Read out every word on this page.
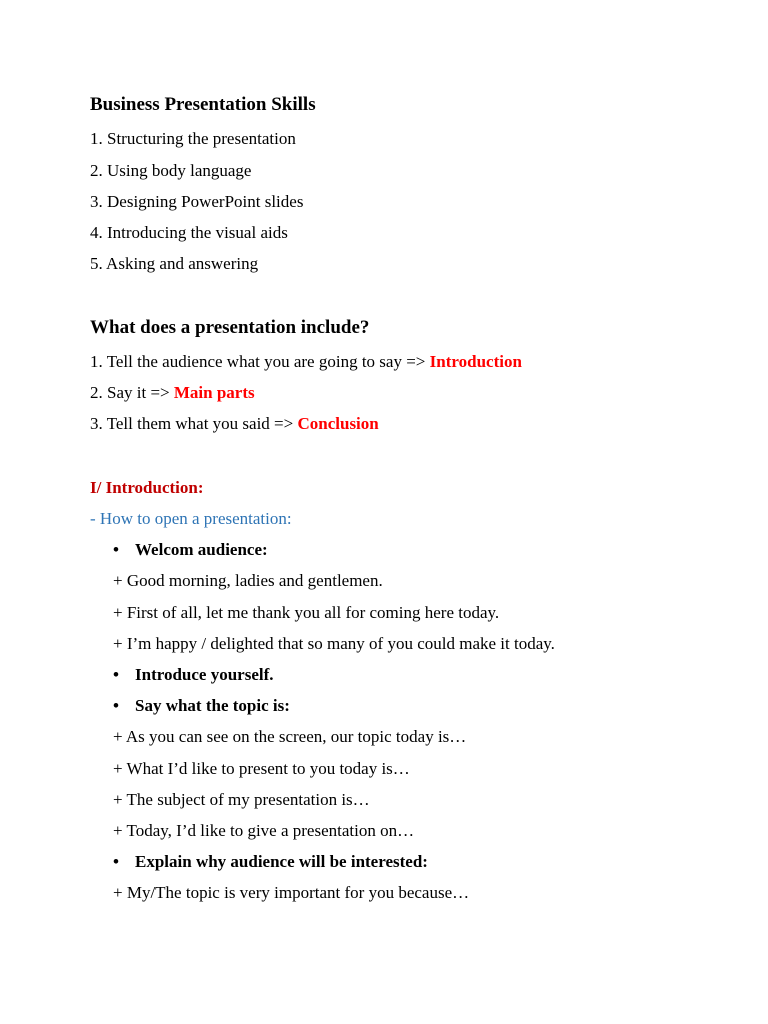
Business Presentation Skills
1. Structuring the presentation
2. Using body language
3. Designing PowerPoint slides
4. Introducing the visual aids
5. Asking and answering
What does a presentation include?
1. Tell the audience what you are going to say => Introduction
2. Say it => Main parts
3. Tell them what you said => Conclusion
I/ Introduction:
- How to open a presentation:
• Welcom audience:
+ Good morning, ladies and gentlemen.
+ First of all, let me thank you all for coming here today.
+ I’m happy / delighted that so many of you could make it today.
• Introduce yourself.
• Say what the topic is:
+ As you can see on the screen, our topic today is…
+ What I’d like to present to you today is…
+ The subject of my presentation is…
+ Today, I’d like to give a presentation on…
• Explain why audience will be interested:
+ My/The topic is very important for you because…
